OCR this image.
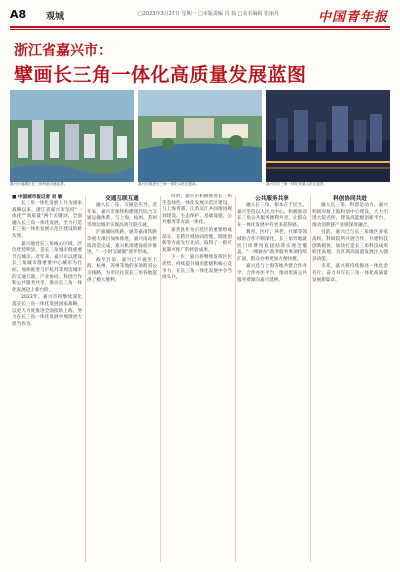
A8 观城	□2023年3月27日 星期一 □本版责编 肖 茹 □美术编辑 张丽丹	中国青年报
浙江省嘉兴市：
擘画长三角一体化高质量发展蓝图
嘉兴市南湖区长三角科创走廊远景。	嘉兴市推进长三角一体化示范区建设。	嘉兴市长三角一体化发展示范区夜景。

■ 中国城市报记者 刘 敏

长三角一体化发展上升为国家战略以来，浙江省嘉兴市坚持“一体化”“高质量”两个关键词，全面融入长三角一体化发展，全力打造长三角一体化发展示范区建设的桥头堡。

嘉兴地处长三角核心区域，区位优势明显，是长三角城市群重要节点城市。近年来，嘉兴市以建设长三角城市群重要中心城市为目标，加快推进与沪杭苏等周边城市的交通互联、产业协同、科创合作和公共服务共享，推动长三角一体化发展迈上新台阶。

2023年，嘉兴市将继续深化落实长三角一体化发展国家战略，以更大力度推进全面接轨上海，努力在长三角一体化发展中展现更大担当作为。

交通互联互通

融入长三角，交通是先导。近年来，嘉兴市加快构建现代综合交通运输体系，与上海、杭州、苏州等周边城市实现高效互联互通。

沪嘉城际铁路、通苏嘉甬铁路等重大项目加快推进，嘉兴南站枢纽改造完成，嘉兴机场建设稳步推进，“一小时交通圈”逐步形成。

截至目前，嘉兴已开通至上海、杭州、苏州等地的多条跨省公交线路，为市民往返长三角各地提供了极大便利。

同时，嘉兴市积极推进长三角生态绿色一体化发展示范区建设，与上海青浦、江苏吴江共同推进规划建设、生态保护、基础设施、公共服务等方面一体化。

嘉善县作为示范区的重要组成部分，在跨区域协同治理、制度创新等方面先行先试，取得了一批可复制可推广的经验成果。

下一步，嘉兴将继续发挥区位优势，持续提升城市能级和核心竞争力，在长三角一体化发展中争当排头兵。

公共服务共享

融入长三角，根本在于民生。嘉兴坚持以人民为中心，积极推动长三角公共服务便利共享，让群众在一体化发展中有更多获得感。

教育、医疗、养老、社保等领域的合作不断深化，长三角异地就医门诊费用直接结算实现全覆盖，“一网通办”政务服务事项持续扩面，群众办事更加方便快捷。

嘉兴还与上海等地共建合作办学、合作办医平台，推动优质公共服务资源向嘉兴延伸。

科创协同共进

融入长三角，科创是动力。嘉兴积极对接上海科创中心建设，大力引进大院名所，建设高能级创新平台，推动创新链产业链深度融合。

目前，嘉兴已与长三角地区多家高校、科研院所开展合作，共建科技创新载体，加快打造长三角科技成果转化高地，为区域高质量发展注入强劲动能。

未来，嘉兴将持续擦亮一体化金名片，奋力书写长三角一体化高质量发展新篇章。
